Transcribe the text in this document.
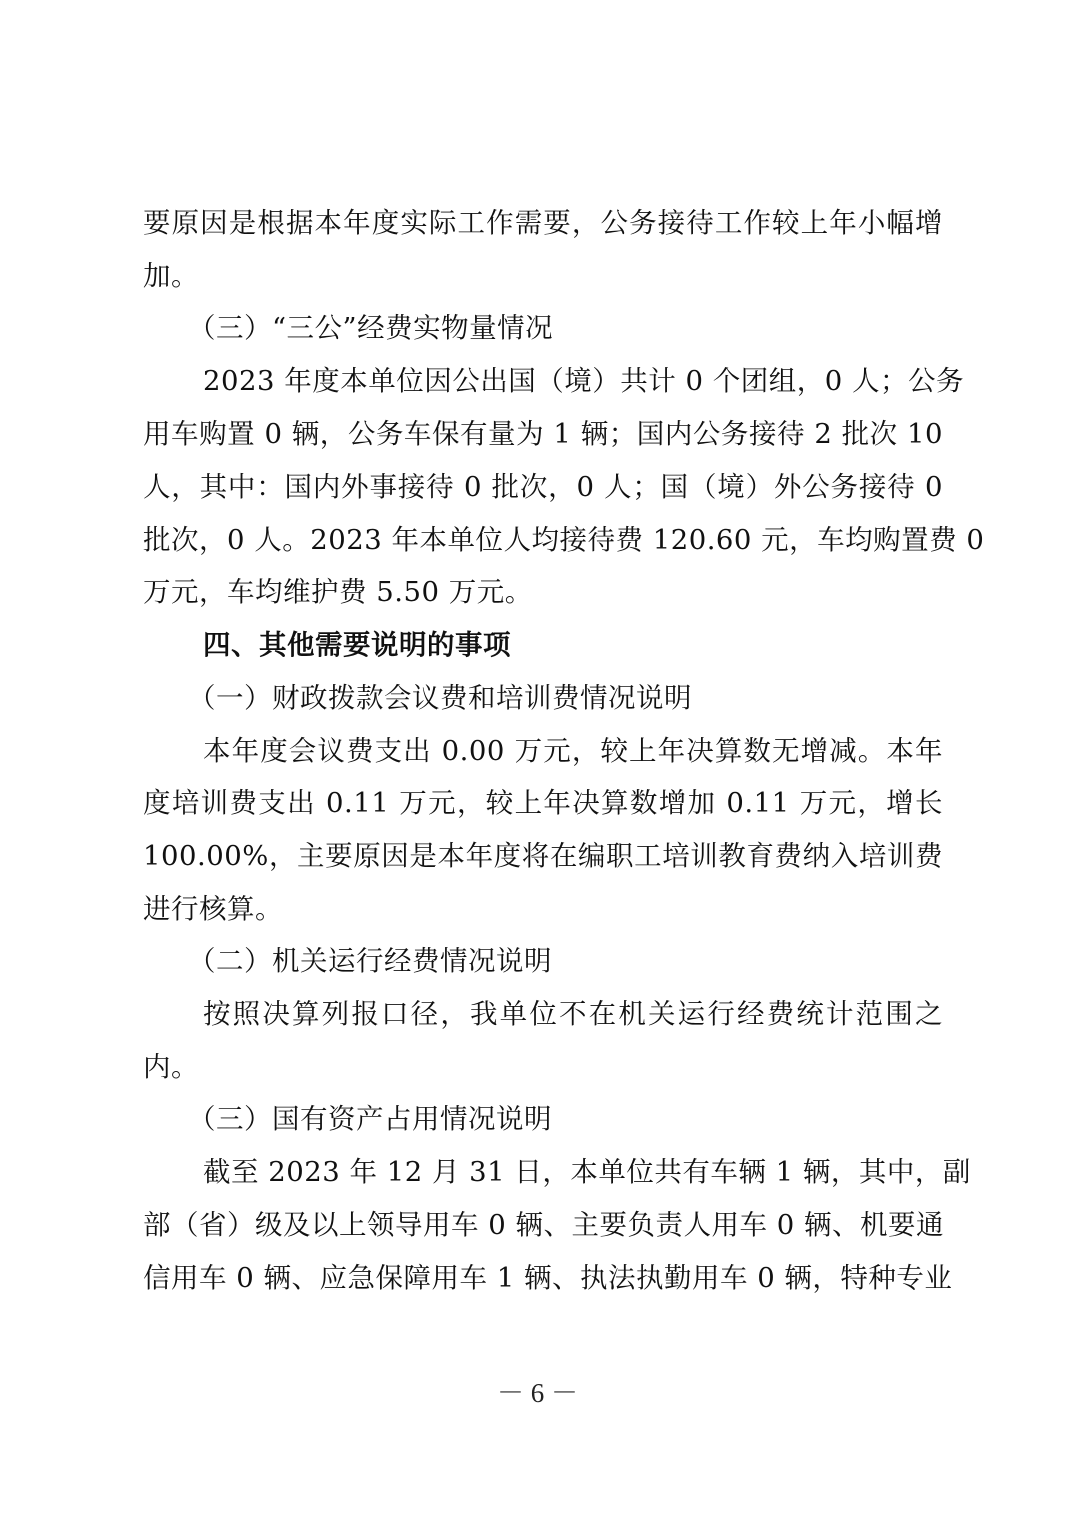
要原因是根据本年度实际工作需要，公务接待工作较上年小幅增
加。
（三）“三公”经费实物量情况
2023 年度本单位因公出国（境）共计 0 个团组，0 人；公务
用车购置 0 辆，公务车保有量为 1 辆；国内公务接待 2 批次 10
人，其中：国内外事接待 0 批次，0 人；国（境）外公务接待 0
批次，0 人。2023 年本单位人均接待费 120.60 元，车均购置费 0
万元，车均维护费 5.50 万元。
四、其他需要说明的事项
（一）财政拨款会议费和培训费情况说明
本年度会议费支出 0.00 万元，较上年决算数无增减。本年
度培训费支出 0.11 万元，较上年决算数增加 0.11 万元，增长
100.00%，主要原因是本年度将在编职工培训教育费纳入培训费
进行核算。
（二）机关运行经费情况说明
按照决算列报口径，我单位不在机关运行经费统计范围之
内。
（三）国有资产占用情况说明
截至 2023 年 12 月 31 日，本单位共有车辆 1 辆，其中，副
部（省）级及以上领导用车 0 辆、主要负责人用车 0 辆、机要通
信用车 0 辆、应急保障用车 1 辆、执法执勤用车 0 辆，特种专业
－ 6 －
